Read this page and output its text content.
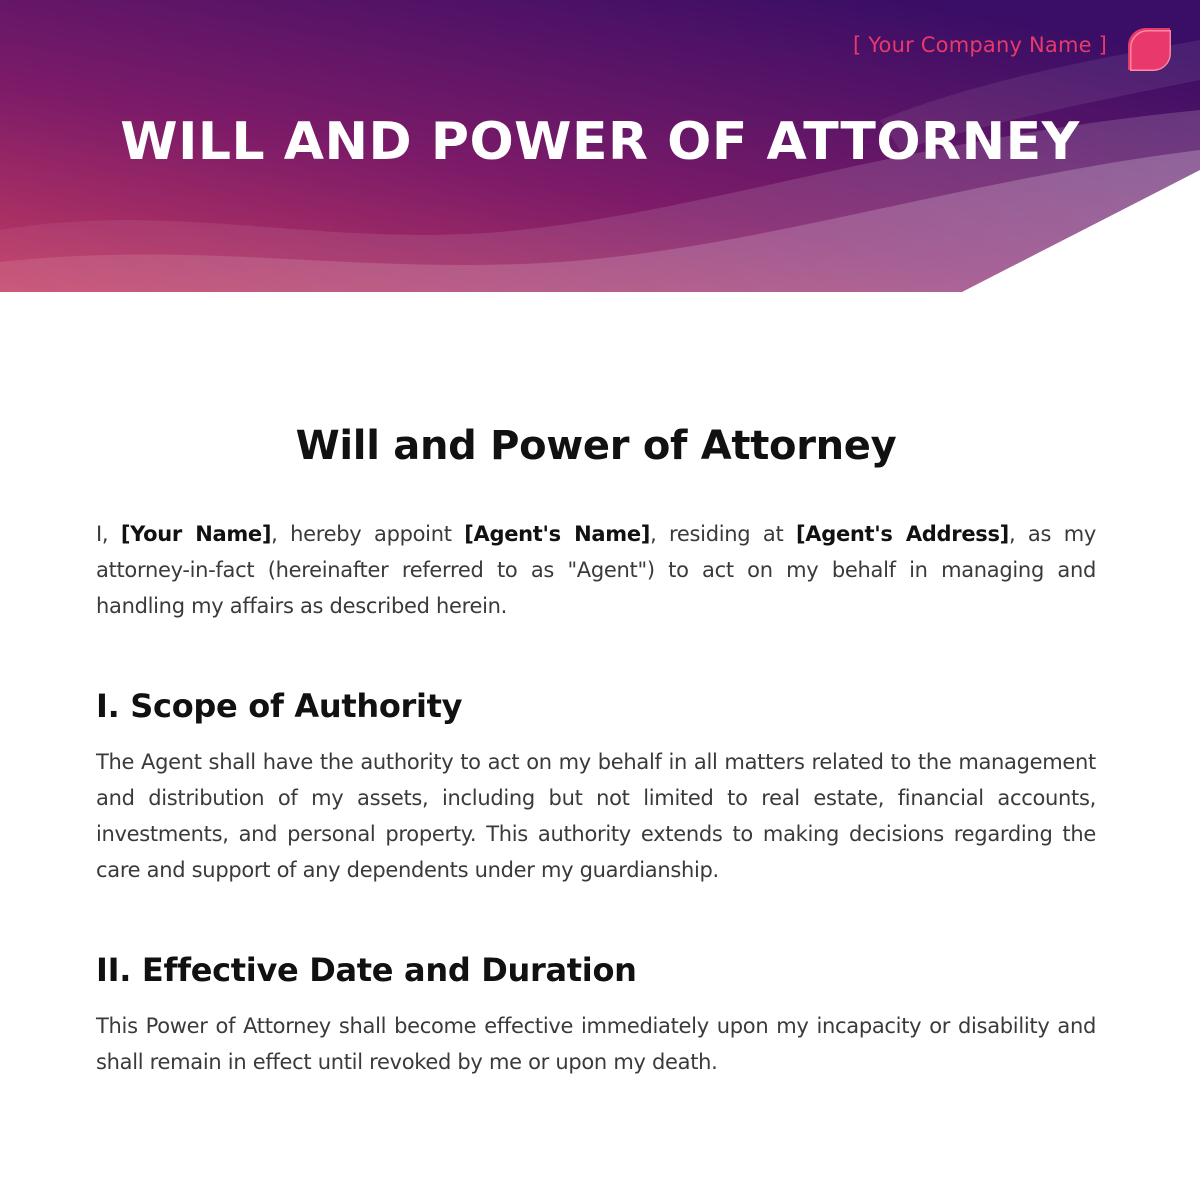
[ Your Company Name ]
WILL AND POWER OF ATTORNEY
Will and Power of Attorney

I, [Your Name], hereby appoint [Agent's Name], residing at [Agent's Address], as my attorney-in-fact (hereinafter referred to as "Agent") to act on my behalf in managing and handling my affairs as described herein.

I. Scope of Authority

The Agent shall have the authority to act on my behalf in all matters related to the management and distribution of my assets, including but not limited to real estate, financial accounts, investments, and personal property. This authority extends to making decisions regarding the care and support of any dependents under my guardianship.

II. Effective Date and Duration

This Power of Attorney shall become effective immediately upon my incapacity or disability and shall remain in effect until revoked by me or upon my death.
